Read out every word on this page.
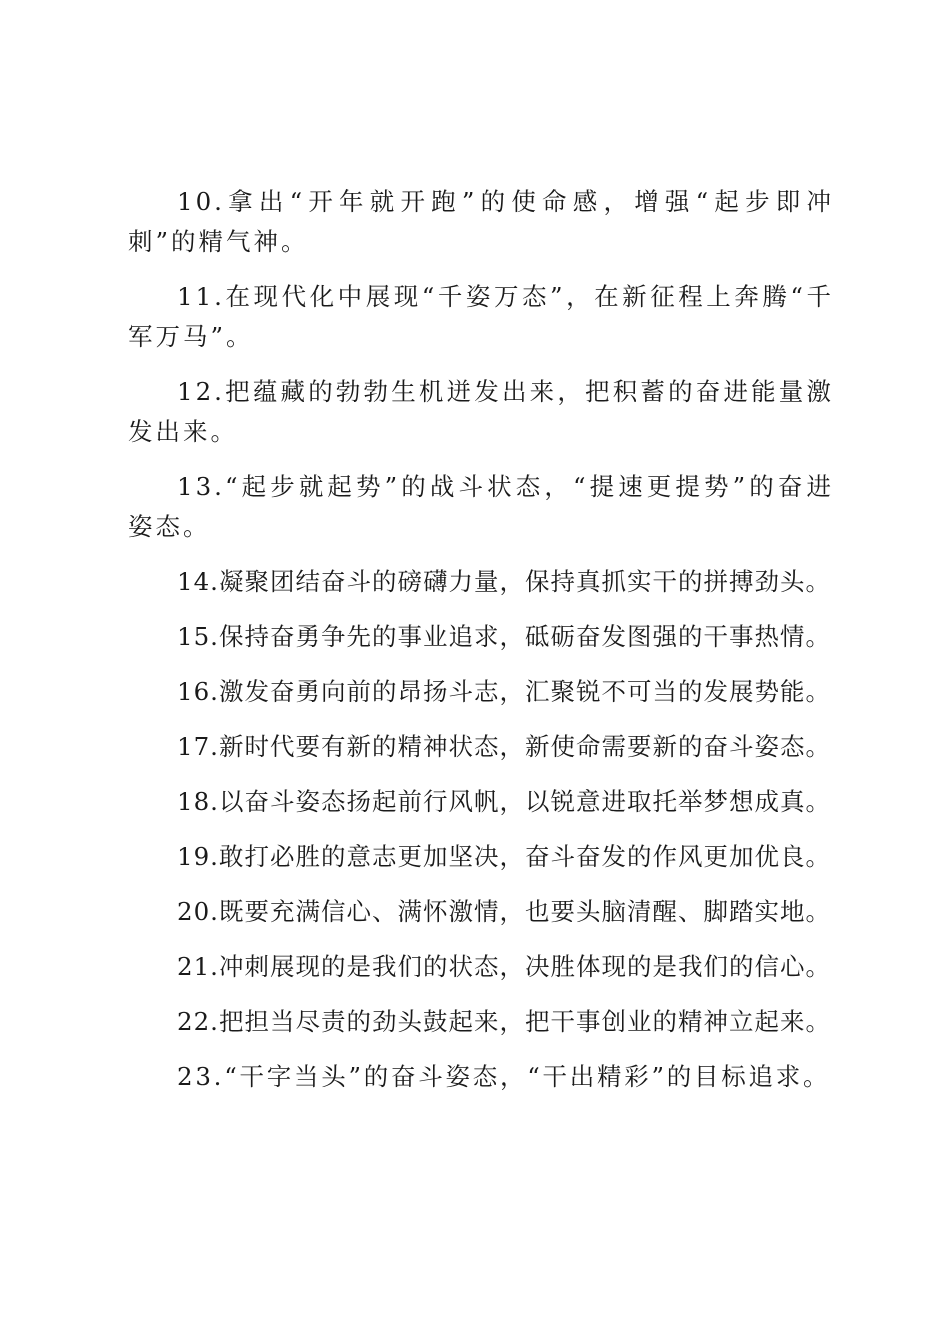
10.拿出“开年就开跑”的使命感，增强“起步即冲刺”的精气神。

11.在现代化中展现“千姿万态”，在新征程上奔腾“千军万马”。

12.把蕴藏的勃勃生机迸发出来，把积蓄的奋进能量激发出来。

13.“起步就起势”的战斗状态，“提速更提势”的奋进姿态。

14.凝聚团结奋斗的磅礴力量，保持真抓实干的拼搏劲头。

15.保持奋勇争先的事业追求，砥砺奋发图强的干事热情。

16.激发奋勇向前的昂扬斗志，汇聚锐不可当的发展势能。

17.新时代要有新的精神状态，新使命需要新的奋斗姿态。

18.以奋斗姿态扬起前行风帆，以锐意进取托举梦想成真。

19.敢打必胜的意志更加坚决，奋斗奋发的作风更加优良。

20.既要充满信心、满怀激情，也要头脑清醒、脚踏实地。

21.冲刺展现的是我们的状态，决胜体现的是我们的信心。

22.把担当尽责的劲头鼓起来，把干事创业的精神立起来。

23.“干字当头”的奋斗姿态，“干出精彩”的目标追求。
